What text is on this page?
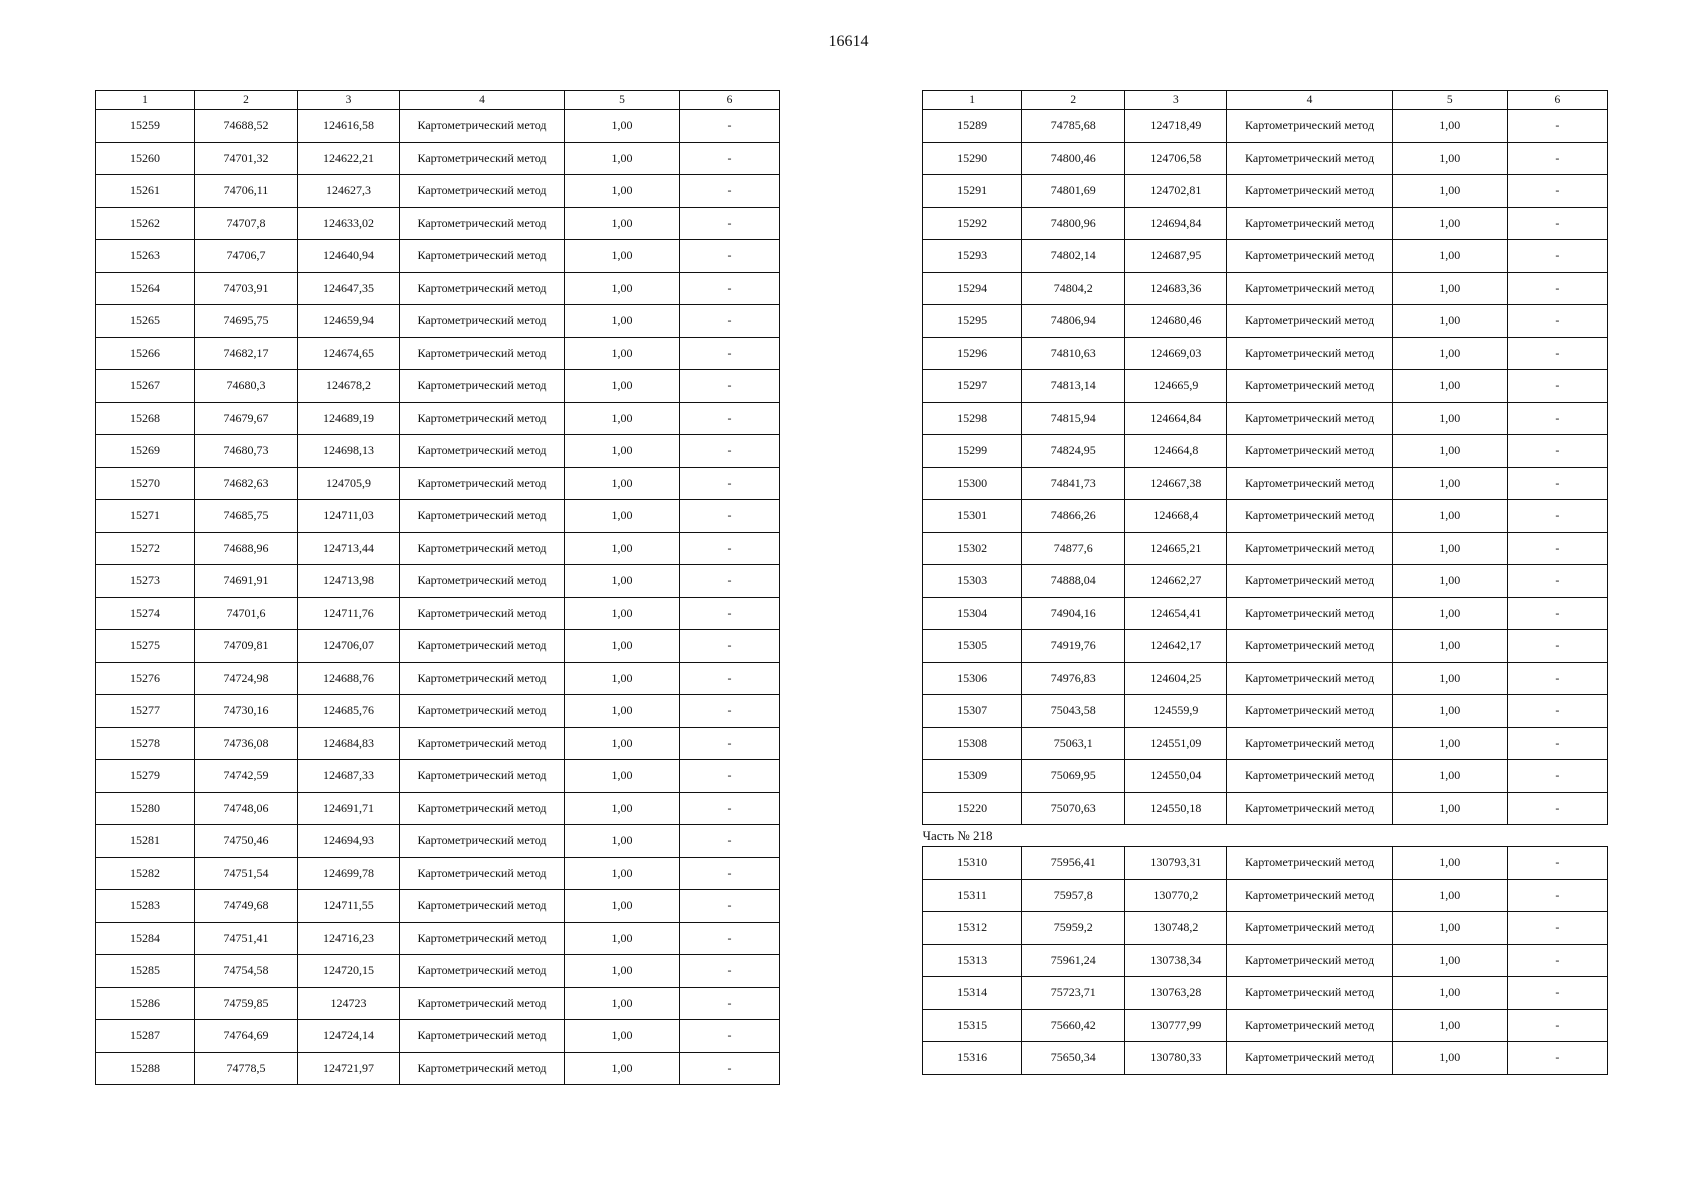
16614
1	2	3	4	5	6
15259	74688,52	124616,58	Картометрический метод	1,00	-
15260	74701,32	124622,21	Картометрический метод	1,00	-
15261	74706,11	124627,3	Картометрический метод	1,00	-
15262	74707,8	124633,02	Картометрический метод	1,00	-
15263	74706,7	124640,94	Картометрический метод	1,00	-
15264	74703,91	124647,35	Картометрический метод	1,00	-
15265	74695,75	124659,94	Картометрический метод	1,00	-
15266	74682,17	124674,65	Картометрический метод	1,00	-
15267	74680,3	124678,2	Картометрический метод	1,00	-
15268	74679,67	124689,19	Картометрический метод	1,00	-
15269	74680,73	124698,13	Картометрический метод	1,00	-
15270	74682,63	124705,9	Картометрический метод	1,00	-
15271	74685,75	124711,03	Картометрический метод	1,00	-
15272	74688,96	124713,44	Картометрический метод	1,00	-
15273	74691,91	124713,98	Картометрический метод	1,00	-
15274	74701,6	124711,76	Картометрический метод	1,00	-
15275	74709,81	124706,07	Картометрический метод	1,00	-
15276	74724,98	124688,76	Картометрический метод	1,00	-
15277	74730,16	124685,76	Картометрический метод	1,00	-
15278	74736,08	124684,83	Картометрический метод	1,00	-
15279	74742,59	124687,33	Картометрический метод	1,00	-
15280	74748,06	124691,71	Картометрический метод	1,00	-
15281	74750,46	124694,93	Картометрический метод	1,00	-
15282	74751,54	124699,78	Картометрический метод	1,00	-
15283	74749,68	124711,55	Картометрический метод	1,00	-
15284	74751,41	124716,23	Картометрический метод	1,00	-
15285	74754,58	124720,15	Картометрический метод	1,00	-
15286	74759,85	124723	Картометрический метод	1,00	-
15287	74764,69	124724,14	Картометрический метод	1,00	-
15288	74778,5	124721,97	Картометрический метод	1,00	-
1	2	3	4	5	6
15289	74785,68	124718,49	Картометрический метод	1,00	-
15290	74800,46	124706,58	Картометрический метод	1,00	-
15291	74801,69	124702,81	Картометрический метод	1,00	-
15292	74800,96	124694,84	Картометрический метод	1,00	-
15293	74802,14	124687,95	Картометрический метод	1,00	-
15294	74804,2	124683,36	Картометрический метод	1,00	-
15295	74806,94	124680,46	Картометрический метод	1,00	-
15296	74810,63	124669,03	Картометрический метод	1,00	-
15297	74813,14	124665,9	Картометрический метод	1,00	-
15298	74815,94	124664,84	Картометрический метод	1,00	-
15299	74824,95	124664,8	Картометрический метод	1,00	-
15300	74841,73	124667,38	Картометрический метод	1,00	-
15301	74866,26	124668,4	Картометрический метод	1,00	-
15302	74877,6	124665,21	Картометрический метод	1,00	-
15303	74888,04	124662,27	Картометрический метод	1,00	-
15304	74904,16	124654,41	Картометрический метод	1,00	-
15305	74919,76	124642,17	Картометрический метод	1,00	-
15306	74976,83	124604,25	Картометрический метод	1,00	-
15307	75043,58	124559,9	Картометрический метод	1,00	-
15308	75063,1	124551,09	Картометрический метод	1,00	-
15309	75069,95	124550,04	Картометрический метод	1,00	-
15220	75070,63	124550,18	Картометрический метод	1,00	-
Часть № 218					
15310	75956,41	130793,31	Картометрический метод	1,00	-
15311	75957,8	130770,2	Картометрический метод	1,00	-
15312	75959,2	130748,2	Картометрический метод	1,00	-
15313	75961,24	130738,34	Картометрический метод	1,00	-
15314	75723,71	130763,28	Картометрический метод	1,00	-
15315	75660,42	130777,99	Картометрический метод	1,00	-
15316	75650,34	130780,33	Картометрический метод	1,00	-
